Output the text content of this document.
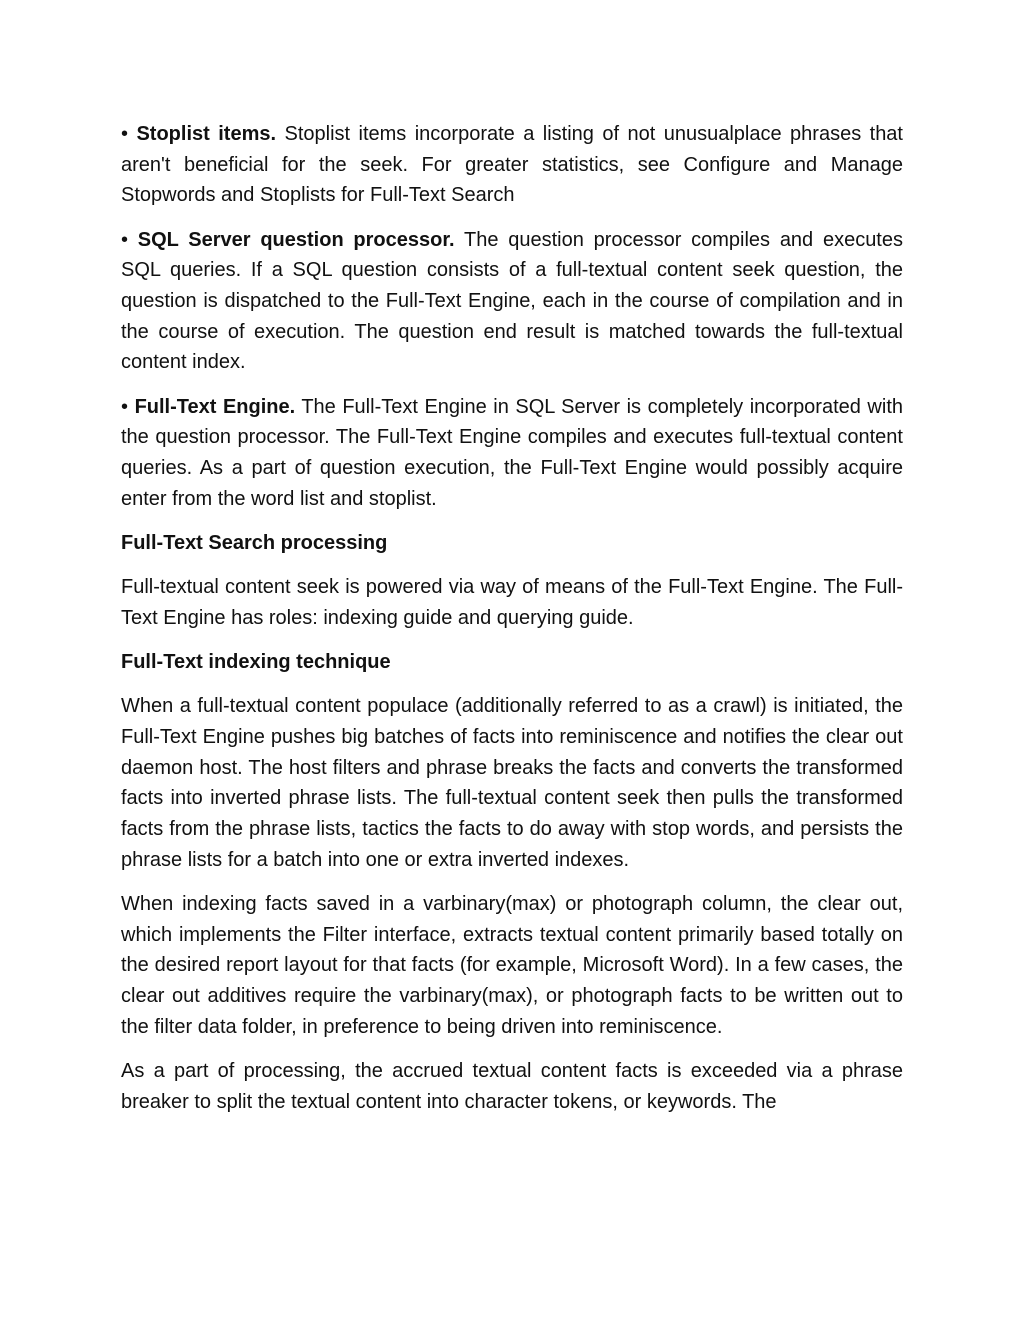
• Stoplist items. Stoplist items incorporate a listing of not unusualplace phrases that aren't beneficial for the seek. For greater statistics, see Configure and Manage Stopwords and Stoplists for Full-Text Search

• SQL Server question processor. The question processor compiles and executes SQL queries. If a SQL question consists of a full-textual content seek question, the question is dispatched to the Full-Text Engine, each in the course of compilation and in the course of execution. The question end result is matched towards the full-textual content index.

• Full-Text Engine. The Full-Text Engine in SQL Server is completely incorporated with the question processor. The Full-Text Engine compiles and executes full-textual content queries. As a part of question execution, the Full-Text Engine would possibly acquire enter from the word list and stoplist.

Full-Text Search processing

Full-textual content seek is powered via way of means of the Full-Text Engine. The Full-Text Engine has roles: indexing guide and querying guide.

Full-Text indexing technique

When a full-textual content populace (additionally referred to as a crawl) is initiated, the Full-Text Engine pushes big batches of facts into reminiscence and notifies the clear out daemon host. The host filters and phrase breaks the facts and converts the transformed facts into inverted phrase lists. The full-textual content seek then pulls the transformed facts from the phrase lists, tactics the facts to do away with stop words, and persists the phrase lists for a batch into one or extra inverted indexes.

When indexing facts saved in a varbinary(max) or photograph column, the clear out, which implements the Filter interface, extracts textual content primarily based totally on the desired report layout for that facts (for example, Microsoft Word). In a few cases, the clear out additives require the varbinary(max), or photograph facts to be written out to the filter data folder, in preference to being driven into reminiscence.

As a part of processing, the accrued textual content facts is exceeded via a phrase breaker to split the textual content into character tokens, or keywords. The
